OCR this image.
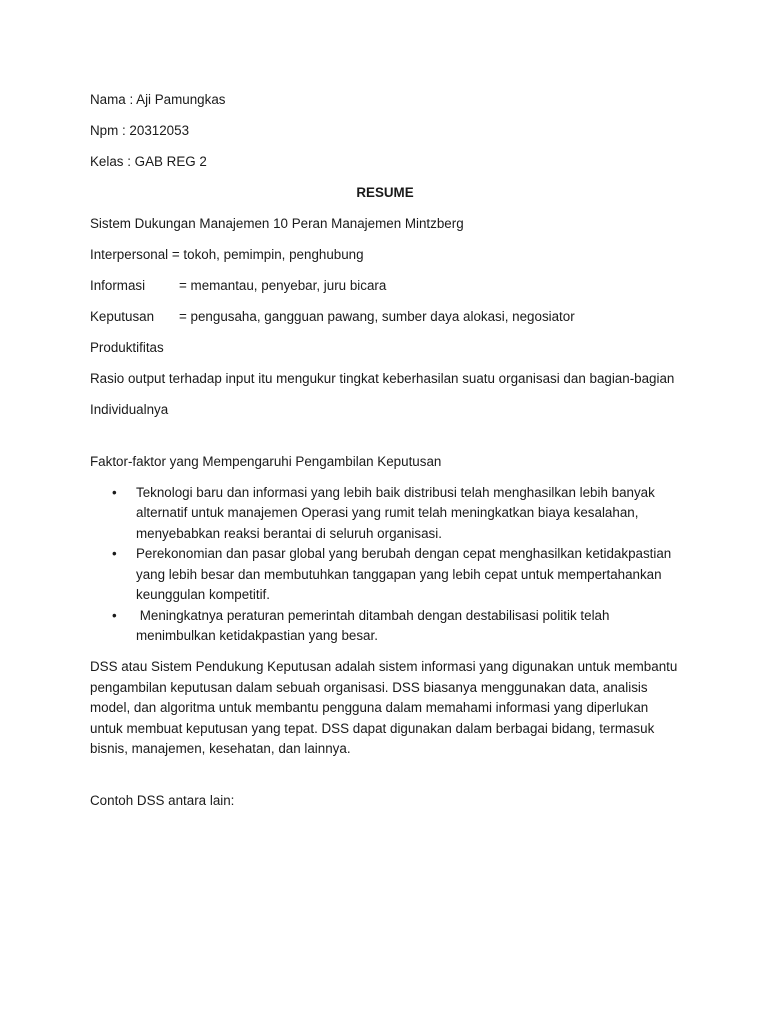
Nama : Aji Pamungkas
Npm : 20312053
Kelas : GAB REG 2
RESUME
Sistem Dukungan Manajemen 10 Peran Manajemen Mintzberg
Interpersonal = tokoh, pemimpin, penghubung
Informasi	= memantau, penyebar, juru bicara
Keputusan	= pengusaha, gangguan pawang, sumber daya alokasi, negosiator
Produktifitas
Rasio output terhadap input itu mengukur tingkat keberhasilan suatu organisasi dan bagian-bagian
Individualnya
Faktor-faktor yang Mempengaruhi Pengambilan Keputusan
• Teknologi baru dan informasi yang lebih baik distribusi telah menghasilkan lebih banyak alternatif untuk manajemen Operasi yang rumit telah meningkatkan biaya kesalahan, menyebabkan reaksi berantai di seluruh organisasi.
• Perekonomian dan pasar global yang berubah dengan cepat menghasilkan ketidakpastian yang lebih besar dan membutuhkan tanggapan yang lebih cepat untuk mempertahankan keunggulan kompetitif.
• Meningkatnya peraturan pemerintah ditambah dengan destabilisasi politik telah menimbulkan ketidakpastian yang besar.
DSS atau Sistem Pendukung Keputusan adalah sistem informasi yang digunakan untuk membantu pengambilan keputusan dalam sebuah organisasi. DSS biasanya menggunakan data, analisis model, dan algoritma untuk membantu pengguna dalam memahami informasi yang diperlukan untuk membuat keputusan yang tepat. DSS dapat digunakan dalam berbagai bidang, termasuk bisnis, manajemen, kesehatan, dan lainnya.
Contoh DSS antara lain:
